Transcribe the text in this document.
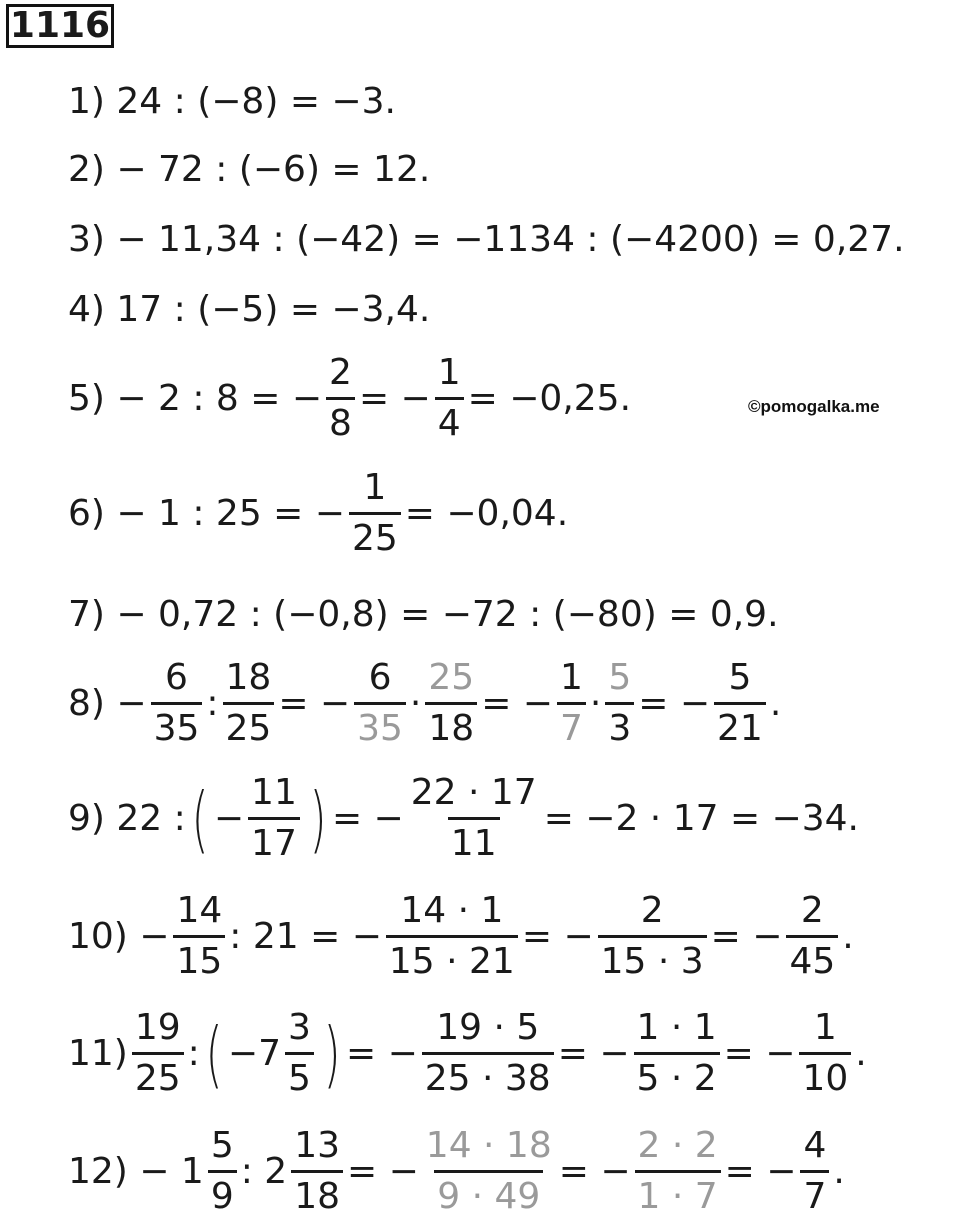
1116
1) 24 : (−8) = −3.
2) − 72 : (−6) = 12.
3) − 11,34 : (−42) = −1134 : (−4200) = 0,27.
4) 17 : (−5) = −3,4.
5) − 2 : 8 = − $\frac{2}{8}$ = − $\frac{1}{4} = -0,25$.
6) − 1 : 25 = − $\frac{1}{25} = -0,04$.
7) − 0,72 : (−0,8) = −72 : (−80) = 0,9.
$8) - \frac{6}{35}$ : $\frac{18}{25}$ = − $\frac{6}{35} \cdot \frac{25}{18}$ = − $\frac{1}{7} \cdot \frac{5}{3}$ = − $\frac{5}{21}$ .
9) 22 : ( − $\frac{11}{17}$ ) = − $\frac{22 \cdot 17}{11} = -2 \cdot 17 = -34$.
$10) - \frac{14}{15}$ : 21 = − $\frac{14 \cdot 1}{15 \cdot 21}$ = − $\frac{2}{15 \cdot 3}$ = − $\frac{2}{45}$ .
$11) \frac{19}{25}$ : ( $-7 \frac{3}{5}$ ) = − $\frac{19 \cdot 5}{25 \cdot 38}$ = − $\frac{1 \cdot 1}{5 \cdot 2}$ = − $\frac{1}{10}$ .
$12) - 1 \frac{5}{9}$ : $2 \frac{13}{18}$ = − $\frac{14 \cdot 18}{9 \cdot 49}$ = − $\frac{2 \cdot 2}{1 \cdot 7}$ = − $\frac{4}{7}$ .
©pomogalka.me
